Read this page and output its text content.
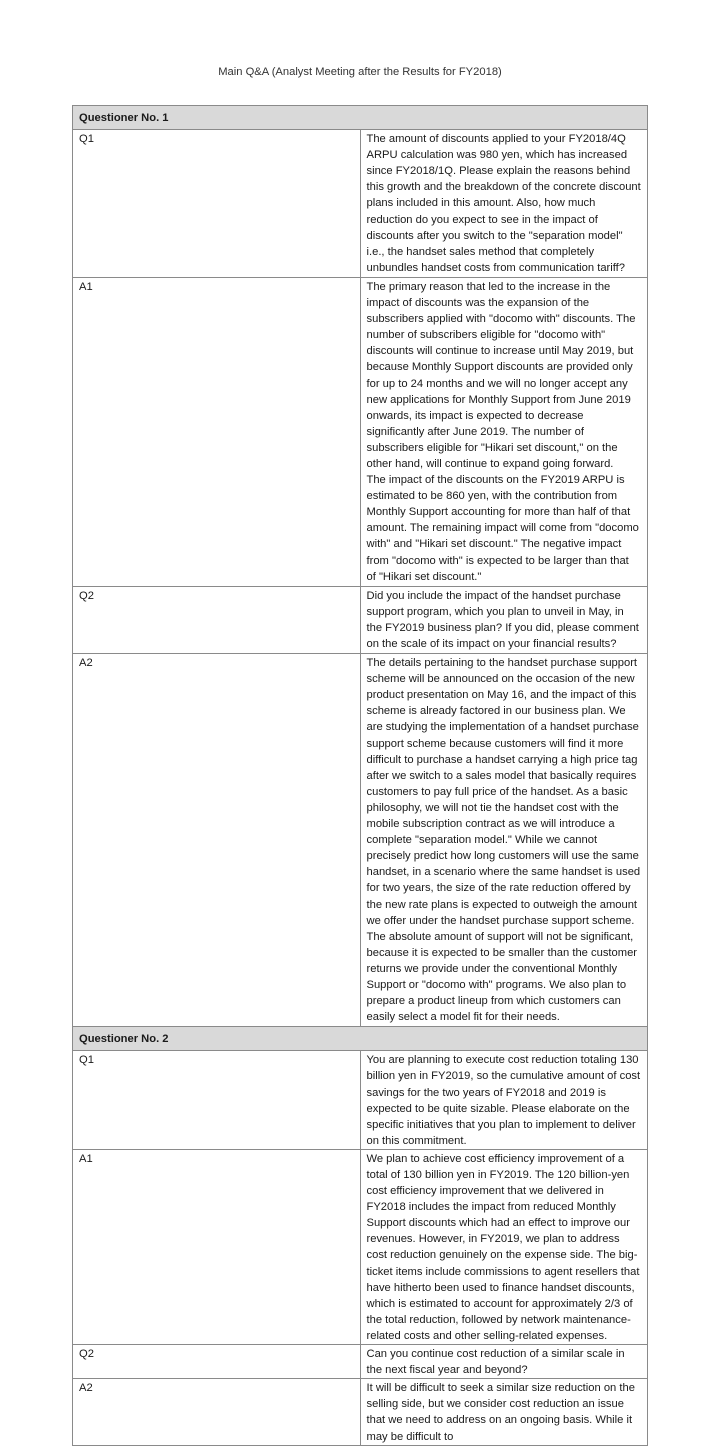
Main Q&A (Analyst Meeting after the Results for FY2018)
Questioner No. 1	
Q1	The amount of discounts applied to your FY2018/4Q ARPU calculation was 980 yen, which has increased since FY2018/1Q. Please explain the reasons behind this growth and the breakdown of the concrete discount plans included in this amount. Also, how much reduction do you expect to see in the impact of discounts after you switch to the "separation model" i.e., the handset sales method that completely unbundles handset costs from communication tariff?

A1	The primary reason that led to the increase in the impact of discounts was the expansion of the subscribers applied with "docomo with" discounts. The number of subscribers eligible for "docomo with" discounts will continue to increase until May 2019, but because Monthly Support discounts are provided only for up to 24 months and we will no longer accept any new applications for Monthly Support from June 2019 onwards, its impact is expected to decrease significantly after June 2019. The number of subscribers eligible for "Hikari set discount," on the other hand, will continue to expand going forward.
The impact of the discounts on the FY2019 ARPU is estimated to be 860 yen, with the contribution from Monthly Support accounting for more than half of that amount. The remaining impact will come from "docomo with" and "Hikari set discount." The negative impact from "docomo with" is expected to be larger than that of "Hikari set discount."

Q2	Did you include the impact of the handset purchase support program, which you plan to unveil in May, in the FY2019 business plan? If you did, please comment on the scale of its impact on your financial results?

A2	The details pertaining to the handset purchase support scheme will be announced on the occasion of the new product presentation on May 16, and the impact of this scheme is already factored in our business plan. We are studying the implementation of a handset purchase support scheme because customers will find it more difficult to purchase a handset carrying a high price tag after we switch to a sales model that basically requires customers to pay full price of the handset. As a basic philosophy, we will not tie the handset cost with the mobile subscription contract as we will introduce a complete "separation model." While we cannot precisely predict how long customers will use the same handset, in a scenario where the same handset is used for two years, the size of the rate reduction offered by the new rate plans is expected to outweigh the amount we offer under the handset purchase support scheme. The absolute amount of support will not be significant, because it is expected to be smaller than the customer returns we provide under the conventional Monthly Support or "docomo with" programs. We also plan to prepare a product lineup from which customers can easily select a model fit for their needs.

Questioner No. 2	
Q1	You are planning to execute cost reduction totaling 130 billion yen in FY2019, so the cumulative amount of cost savings for the two years of FY2018 and 2019 is expected to be quite sizable. Please elaborate on the specific initiatives that you plan to implement to deliver on this commitment.

A1	We plan to achieve cost efficiency improvement of a total of 130 billion yen in FY2019. The 120 billion-yen cost efficiency improvement that we delivered in FY2018 includes the impact from reduced Monthly Support discounts which had an effect to improve our revenues. However, in FY2019, we plan to address cost reduction genuinely on the expense side. The big-ticket items include commissions to agent resellers that have hitherto been used to finance handset discounts, which is estimated to account for approximately 2/3 of the total reduction, followed by network maintenance-related costs and other selling-related expenses.

Q2	Can you continue cost reduction of a similar scale in the next fiscal year and beyond?

A2	It will be difficult to seek a similar size reduction on the selling side, but we consider cost reduction an issue that we need to address on an ongoing basis. While it may be difficult to
